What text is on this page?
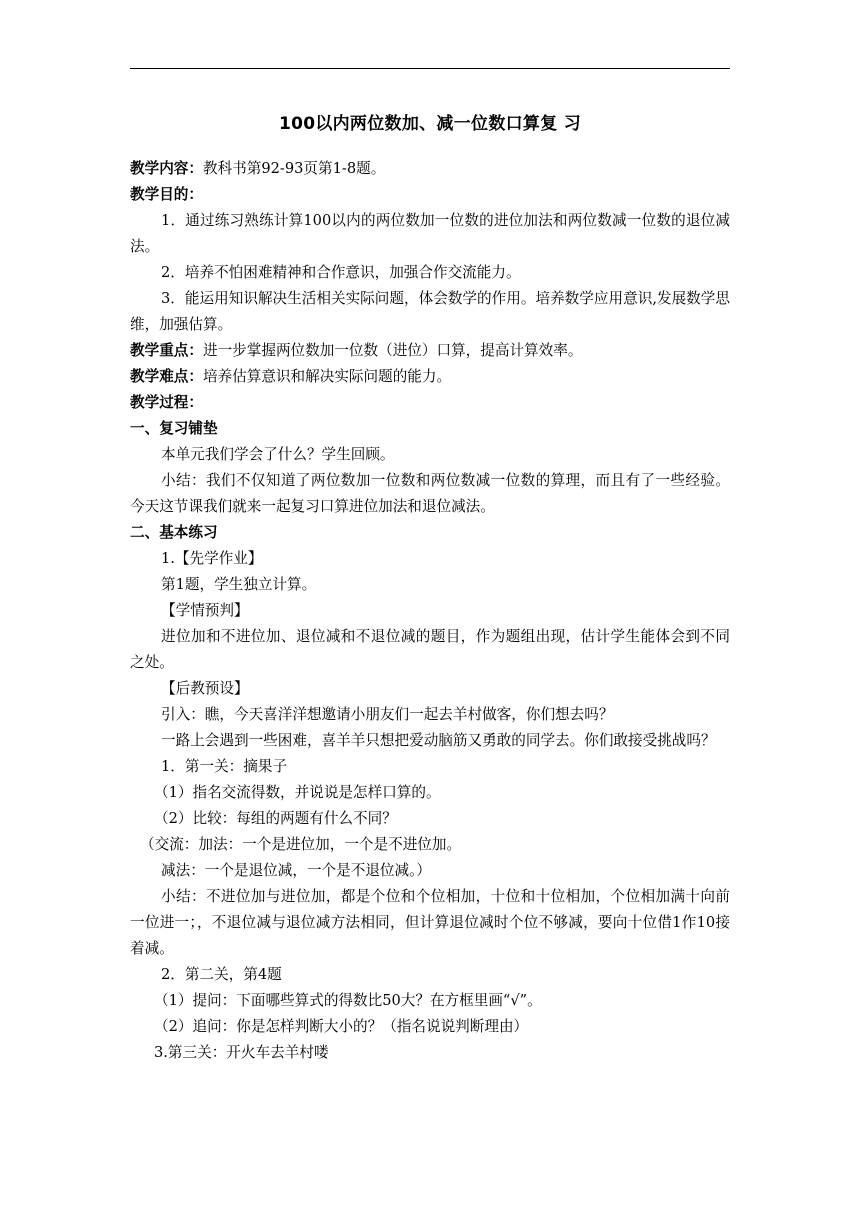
100以内两位数加、减一位数口算复 习

教学内容：教科书第92-93页第1-8题。

教学目的：

1．通过练习熟练计算100以内的两位数加一位数的进位加法和两位数减一位数的退位减法。

2．培养不怕困难精神和合作意识，加强合作交流能力。

3．能运用知识解决生活相关实际问题，体会数学的作用。培养数学应用意识,发展数学思维，加强估算。

教学重点：进一步掌握两位数加一位数（进位）口算，提高计算效率。

教学难点：培养估算意识和解决实际问题的能力。

教学过程：

一、复习铺垫

本单元我们学会了什么？学生回顾。

小结：我们不仅知道了两位数加一位数和两位数减一位数的算理，而且有了一些经验。今天这节课我们就来一起复习口算进位加法和退位减法。

二、基本练习

1.【先学作业】

第1题，学生独立计算。

【学情预判】

进位加和不进位加、退位减和不退位减的题目，作为题组出现，估计学生能体会到不同之处。

【后教预设】

引入：瞧，今天喜洋洋想邀请小朋友们一起去羊村做客，你们想去吗？

一路上会遇到一些困难，喜羊羊只想把爱动脑筋又勇敢的同学去。你们敢接受挑战吗？

1．第一关：摘果子

（1）指名交流得数，并说说是怎样口算的。

（2）比较：每组的两题有什么不同？

（交流：加法：一个是进位加，一个是不进位加。

减法：一个是退位减，一个是不退位减。）

小结：不进位加与进位加，都是个位和个位相加，十位和十位相加，个位相加满十向前一位进一；，不退位减与退位减方法相同，但计算退位减时个位不够减，要向十位借1作10接着减。

2．第二关，第4题

（1）提问：下面哪些算式的得数比50大？在方框里画“√”。

（2）追问：你是怎样判断大小的？（指名说说判断理由）

3.第三关：开火车去羊村喽
